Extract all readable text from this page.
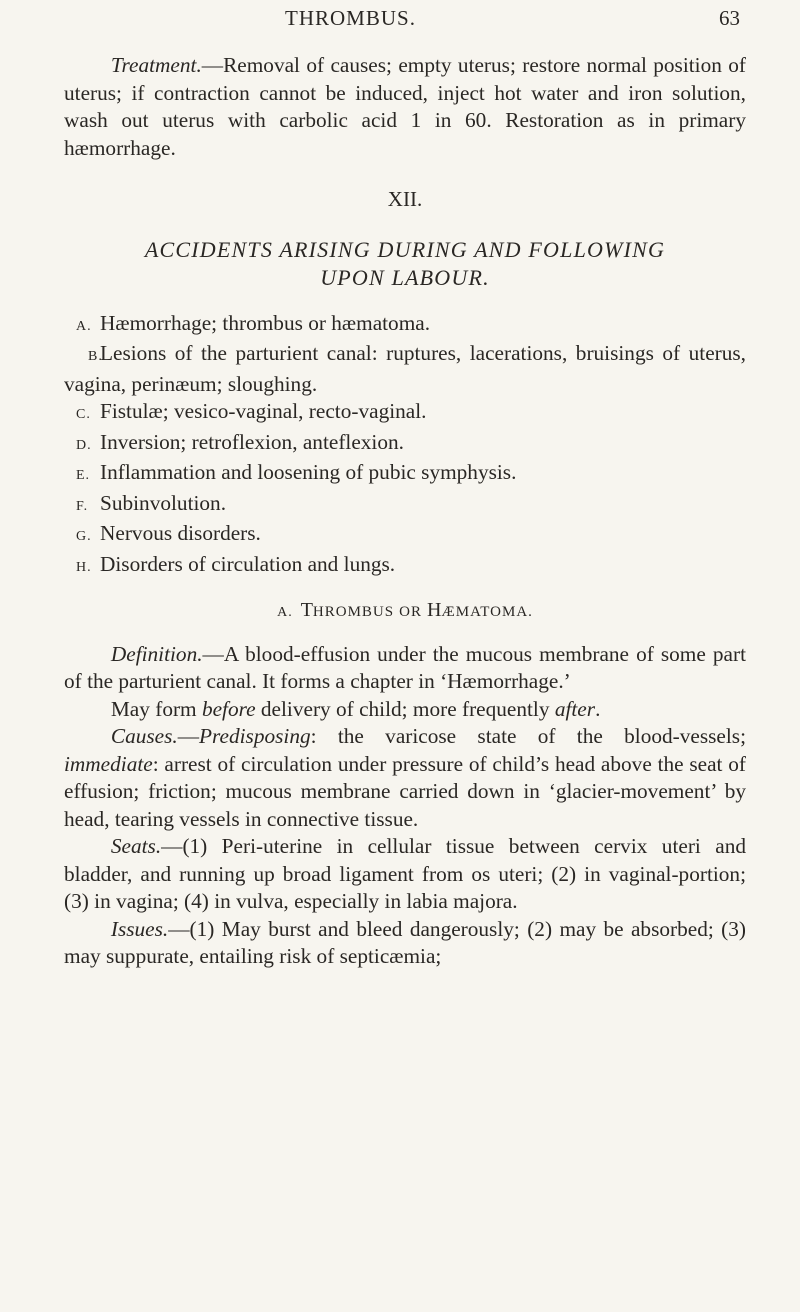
THROMBUS.	63

Treatment.—Removal of causes; empty uterus; restore normal position of uterus; if contraction cannot be induced, inject hot water and iron solution, wash out uterus with carbolic acid 1 in 60. Restoration as in primary hæmorrhage.

XII.
ACCIDENTS ARISING DURING AND FOLLOWING
UPON LABOUR.

A. Hæmorrhage; thrombus or hæmatoma.

B.Lesions of the parturient canal: ruptures, lacerations, bruisings of uterus, vagina, perinæum; sloughing.

C. Fistulæ; vesico-vaginal, recto-vaginal.

D. Inversion; retroflexion, anteflexion.

E. Inflammation and loosening of pubic symphysis.

F. Subinvolution.

G. Nervous disorders.

H. Disorders of circulation and lungs.

A. THROMBUS OR HÆMATOMA.

Definition.—A blood-effusion under the mucous membrane of some part of the parturient canal. It forms a chapter in ‘Hæmorrhage.’

May form before delivery of child; more frequently after.

Causes.—Predisposing: the varicose state of the blood-vessels; immediate: arrest of circulation under pressure of child’s head above the seat of effusion; friction; mucous membrane carried down in ‘glacier-movement’ by head, tearing vessels in connective tissue.

Seats.—(1) Peri-uterine in cellular tissue between cervix uteri and bladder, and running up broad ligament from os uteri; (2) in vaginal-portion; (3) in vagina; (4) in vulva, especially in labia majora.

Issues.—(1) May burst and bleed dangerously; (2) may be absorbed; (3) may suppurate, entailing risk of septicæmia;
